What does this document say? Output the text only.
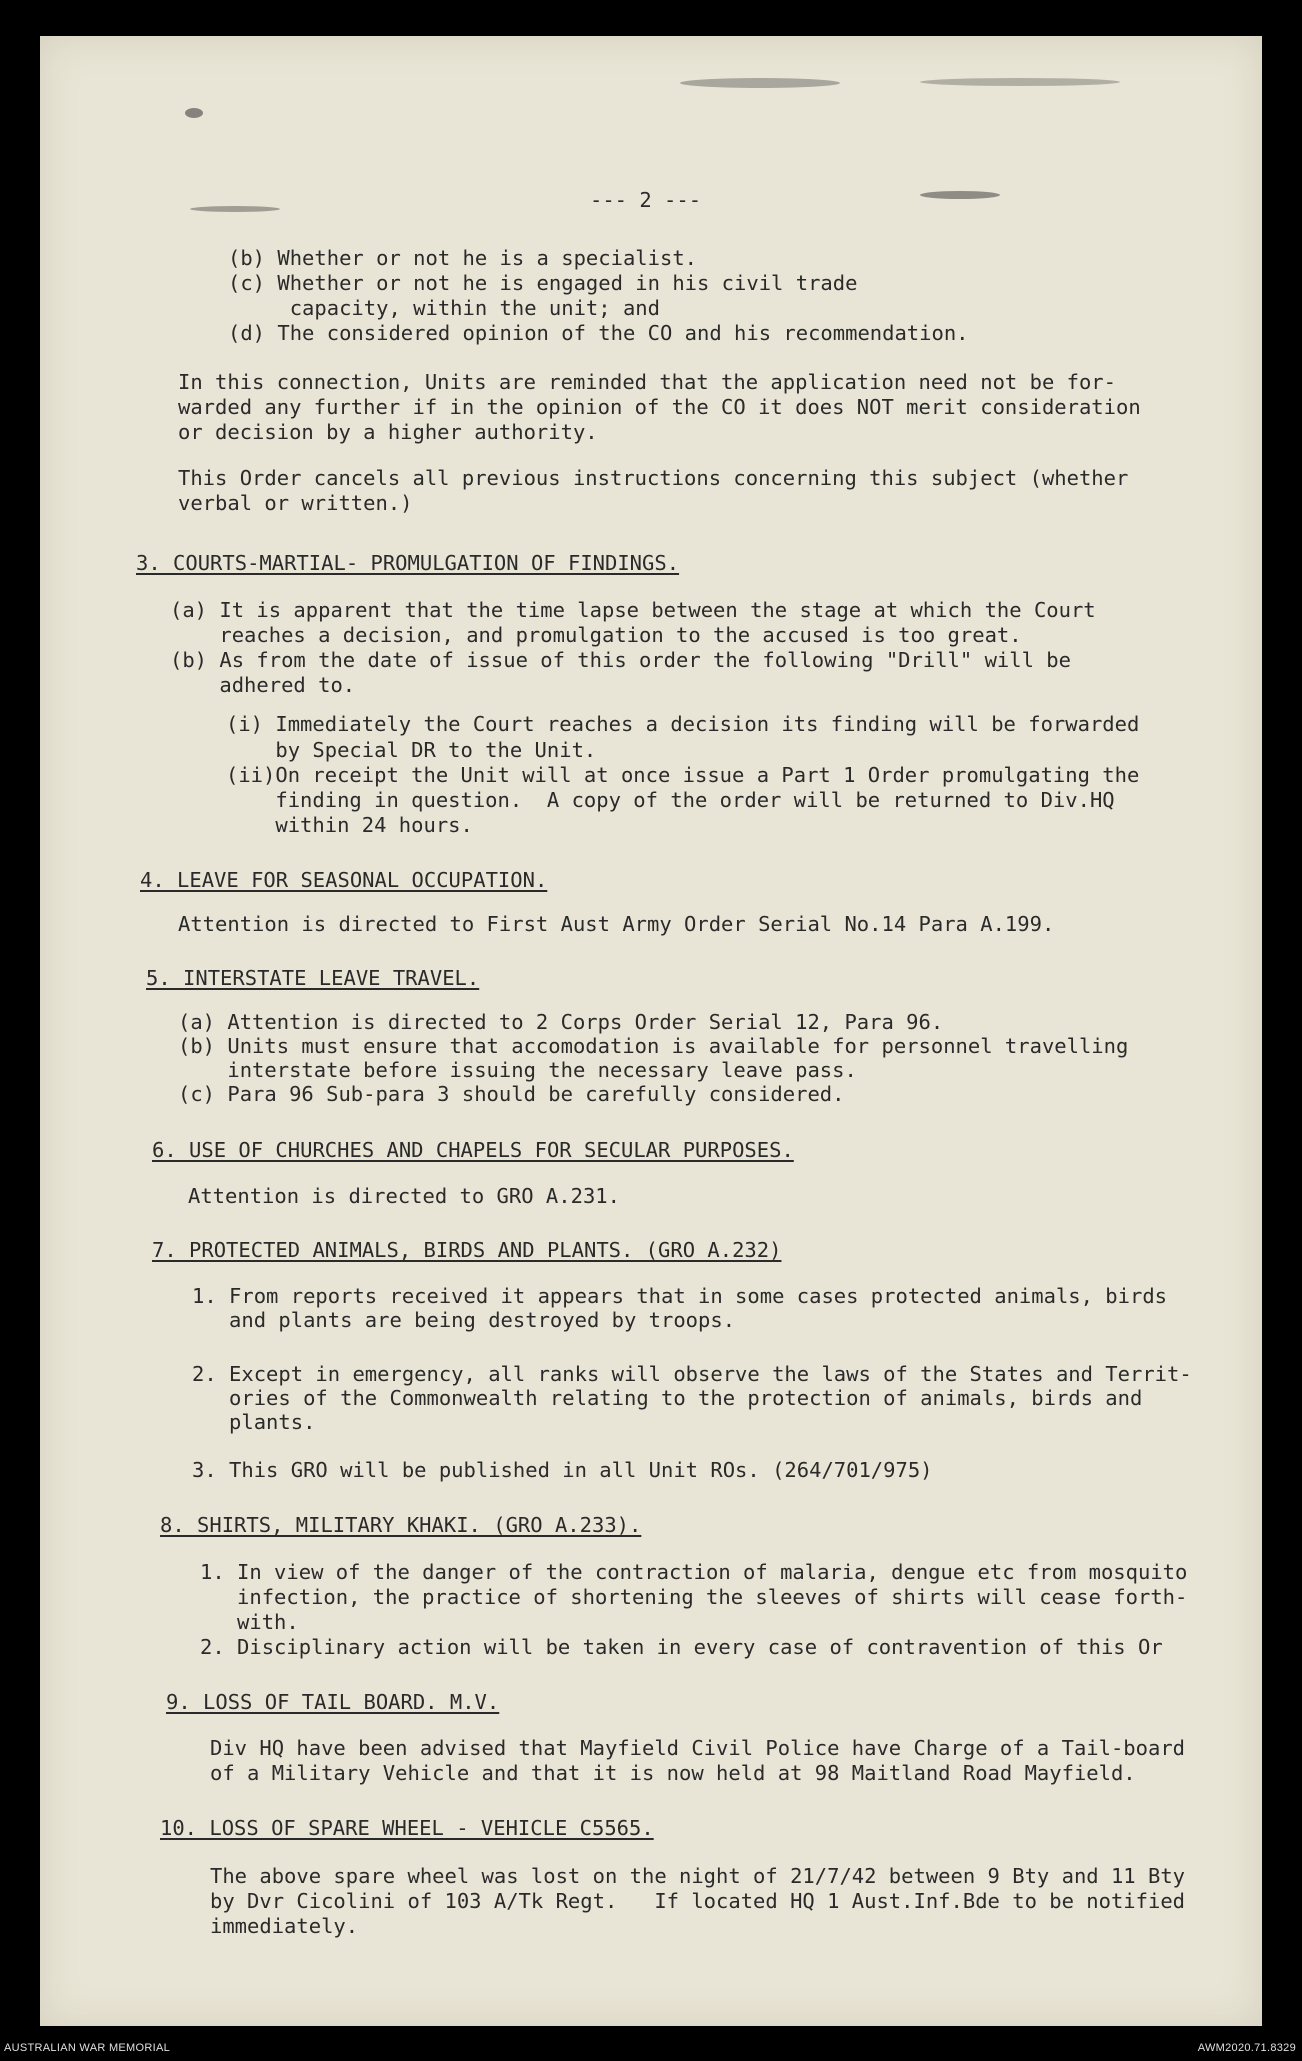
--- 2 ---
(b) Whether or not he is a specialist.
(c) Whether or not he is engaged in his civil trade
capacity, within the unit; and
(d) The considered opinion of the CO and his recommendation.
In this connection, Units are reminded that the application need not be for-
warded any further if in the opinion of the CO it does NOT merit consideration
or decision by a higher authority.
This Order cancels all previous instructions concerning this subject (whether
verbal or written.)
3. COURTS-MARTIAL- PROMULGATION OF FINDINGS.
(a) It is apparent that the time lapse between the stage at which the Court
reaches a decision, and promulgation to the accused is too great.
(b) As from the date of issue of this order the following "Drill" will be
adhered to.
(i) Immediately the Court reaches a decision its finding will be forwarded
by Special DR to the Unit.
(ii)On receipt the Unit will at once issue a Part 1 Order promulgating the
finding in question.  A copy of the order will be returned to Div.HQ
within 24 hours.
4. LEAVE FOR SEASONAL OCCUPATION.
Attention is directed to First Aust Army Order Serial No.14 Para A.199.
5. INTERSTATE LEAVE TRAVEL.
(a) Attention is directed to 2 Corps Order Serial 12, Para 96.
(b) Units must ensure that accomodation is available for personnel travelling
interstate before issuing the necessary leave pass.
(c) Para 96 Sub-para 3 should be carefully considered.
6. USE OF CHURCHES AND CHAPELS FOR SECULAR PURPOSES.
Attention is directed to GRO A.231.
7. PROTECTED ANIMALS, BIRDS AND PLANTS. (GRO A.232)
1. From reports received it appears that in some cases protected animals, birds
and plants are being destroyed by troops.
2. Except in emergency, all ranks will observe the laws of the States and Territ-
ories of the Commonwealth relating to the protection of animals, birds and
plants.
3. This GRO will be published in all Unit ROs. (264/701/975)
8. SHIRTS, MILITARY KHAKI. (GRO A.233).
1. In view of the danger of the contraction of malaria, dengue etc from mosquito
infection, the practice of shortening the sleeves of shirts will cease forth-
with.
2. Disciplinary action will be taken in every case of contravention of this Or
9. LOSS OF TAIL BOARD. M.V.
Div HQ have been advised that Mayfield Civil Police have Charge of a Tail-board
of a Military Vehicle and that it is now held at 98 Maitland Road Mayfield.
10. LOSS OF SPARE WHEEL - VEHICLE C5565.
The above spare wheel was lost on the night of 21/7/42 between 9 Bty and 11 Bty
by Dvr Cicolini of 103 A/Tk Regt.   If located HQ 1 Aust.Inf.Bde to be notified
immediately.
AUSTRALIAN WAR MEMORIAL	AWM2020.71.8329
